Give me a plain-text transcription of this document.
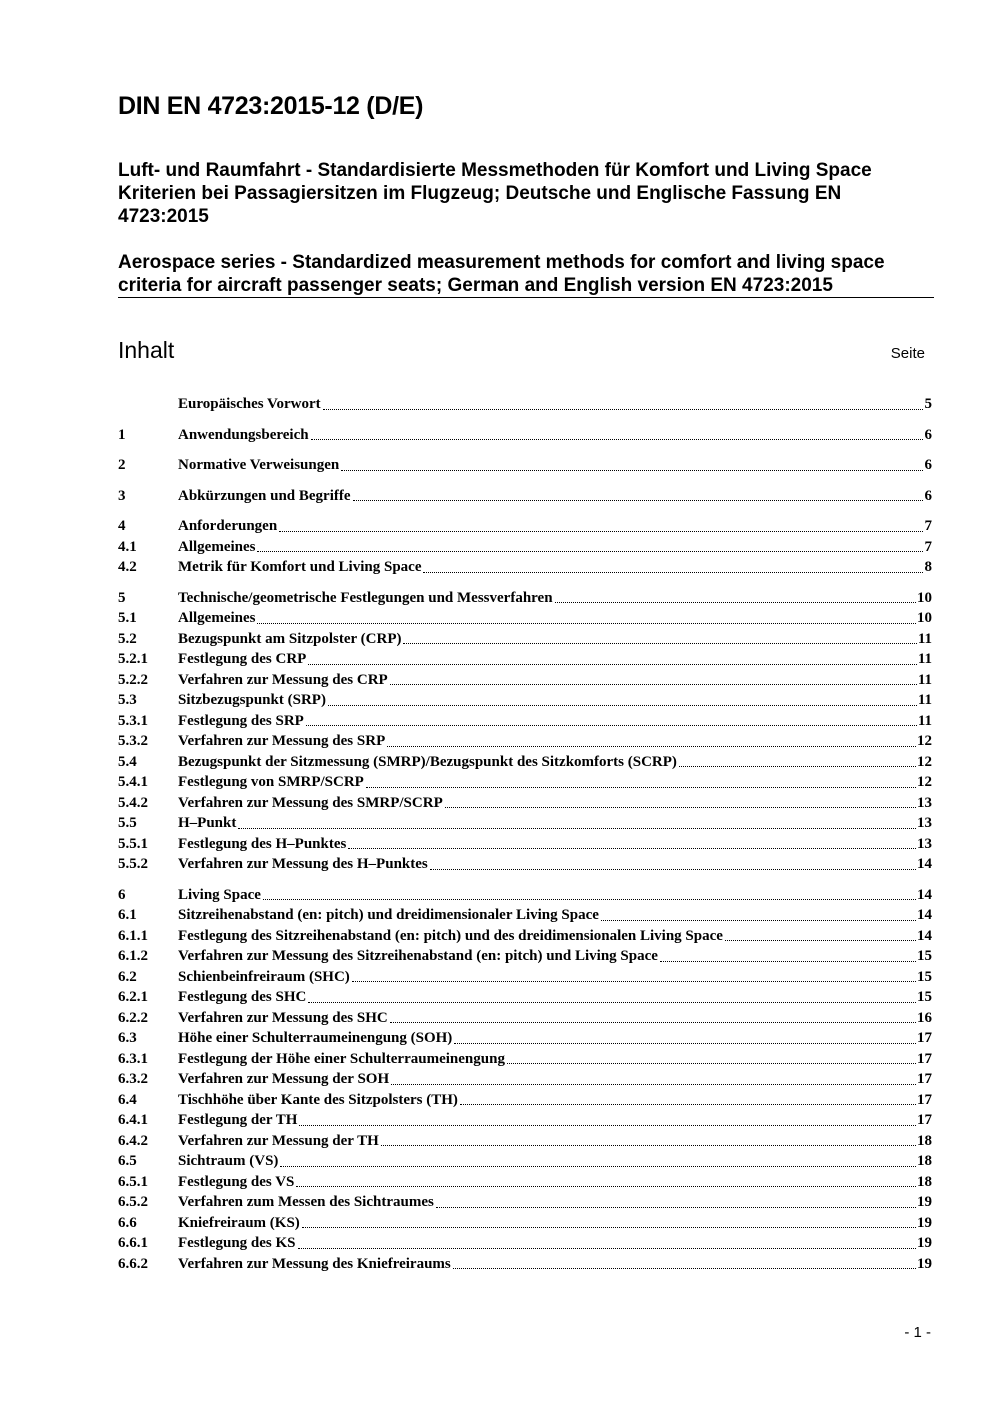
DIN EN 4723:2015-12 (D/E)

Luft- und Raumfahrt - Standardisierte Messmethoden für Komfort und Living Space Kriterien bei Passagiersitzen im Flugzeug; Deutsche und Englische Fassung EN 4723:2015

Aerospace series - Standardized measurement methods for comfort and living space criteria for aircraft passenger seats; German and English version EN 4723:2015

Inhalt	Seite
Europäisches Vorwort	5
1	Anwendungsbereich	6
2	Normative Verweisungen	6
3	Abkürzungen und Begriffe	6
4	Anforderungen	7
4.1	Allgemeines	7
4.2	Metrik für Komfort und Living Space	8
5	Technische/geometrische Festlegungen und Messverfahren	10
5.1	Allgemeines	10
5.2	Bezugspunkt am Sitzpolster (CRP)	11
5.2.1	Festlegung des CRP	11
5.2.2	Verfahren zur Messung des CRP	11
5.3	Sitzbezugspunkt (SRP)	11
5.3.1	Festlegung des SRP	11
5.3.2	Verfahren zur Messung des SRP	12
5.4	Bezugspunkt der Sitzmessung (SMRP)/Bezugspunkt des Sitzkomforts (SCRP)	12
5.4.1	Festlegung von SMRP/SCRP	12
5.4.2	Verfahren zur Messung des SMRP/SCRP	13
5.5	H–Punkt	13
5.5.1	Festlegung des H–Punktes	13
5.5.2	Verfahren zur Messung des H–Punktes	14
6	Living Space	14
6.1	Sitzreihenabstand (en: pitch) und dreidimensionaler Living Space	14
6.1.1	Festlegung des Sitzreihenabstand (en: pitch) und des dreidimensionalen Living Space	14
6.1.2	Verfahren zur Messung des Sitzreihenabstand (en: pitch) und Living Space	15
6.2	Schienbeinfreiraum (SHC)	15
6.2.1	Festlegung des SHC	15
6.2.2	Verfahren zur Messung des SHC	16
6.3	Höhe einer Schulterraumeinengung (SOH)	17
6.3.1	Festlegung der Höhe einer Schulterraumeinengung	17
6.3.2	Verfahren zur Messung der SOH	17
6.4	Tischhöhe über Kante des Sitzpolsters (TH)	17
6.4.1	Festlegung der TH	17
6.4.2	Verfahren zur Messung der TH	18
6.5	Sichtraum (VS)	18
6.5.1	Festlegung des VS	18
6.5.2	Verfahren zum Messen des Sichtraumes	19
6.6	Kniefreiraum (KS)	19
6.6.1	Festlegung des KS	19
6.6.2	Verfahren zur Messung des Kniefreiraums	19
- 1 -
